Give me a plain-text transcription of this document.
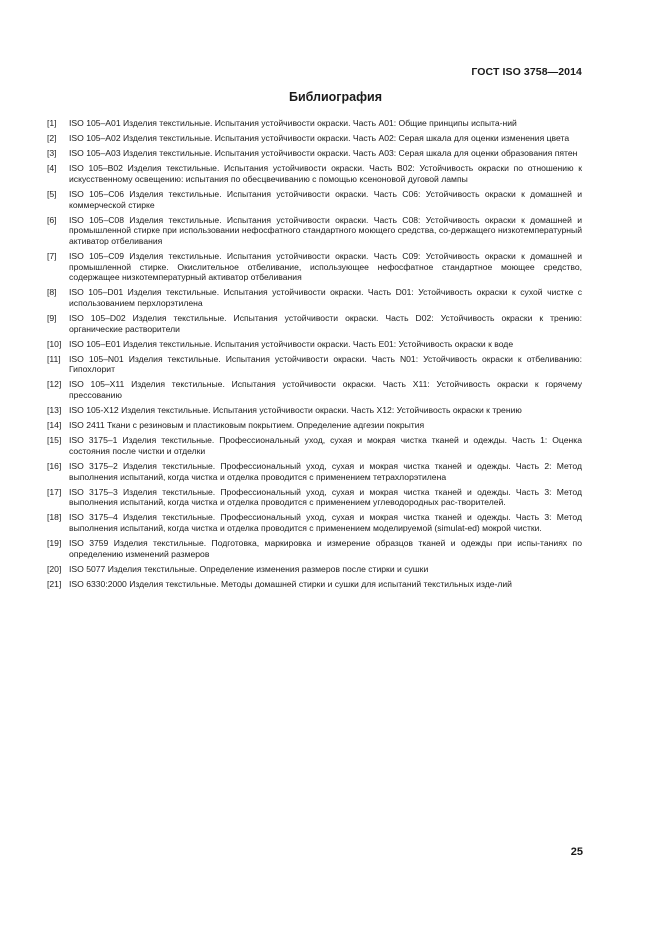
ГОСТ ISO 3758—2014
Библиография
[1]	ISO 105–A01 Изделия текстильные. Испытания устойчивости окраски. Часть A01: Общие принципы испыта-ний
[2]	ISO 105–A02 Изделия текстильные. Испытания устойчивости окраски. Часть A02: Серая шкала для оценки изменения цвета
[3]	ISO 105–A03 Изделия текстильные. Испытания устойчивости окраски. Часть A03: Серая шкала для оценки образования пятен
[4]	ISO 105–B02 Изделия текстильные. Испытания устойчивости окраски. Часть B02: Устойчивость окраски по отношению к искусственному освещению: испытания по обесцвечиванию с помощью ксеноновой дуговой лампы
[5]	ISO 105–C06 Изделия текстильные. Испытания устойчивости окраски. Часть C06: Устойчивость окраски к домашней и коммерческой стирке
[6]	ISO 105–C08 Изделия текстильные. Испытания устойчивости окраски. Часть C08: Устойчивость окраски к домашней и промышленной стирке при использовании нефосфатного стандартного моющего средства, со-держащего низкотемпературный активатор отбеливания
[7]	ISO 105–C09 Изделия текстильные. Испытания устойчивости окраски. Часть C09: Устойчивость окраски к домашней и промышленной стирке. Окислительное отбеливание, использующее нефосфатное стандартное моющее средство, содержащее низкотемпературный активатор отбеливания
[8]	ISO 105–D01 Изделия текстильные. Испытания устойчивости окраски. Часть D01: Устойчивость окраски к сухой чистке с использованием перхлорэтилена
[9]	ISO 105–D02 Изделия текстильные. Испытания устойчивости окраски. Часть D02: Устойчивость окраски к трению: органические растворители
[10] ISO 105–E01 Изделия текстильные. Испытания устойчивости окраски. Часть E01: Устойчивость окраски к воде
[11] ISO 105–N01 Изделия текстильные. Испытания устойчивости окраски. Часть N01: Устойчивость окраски к отбеливанию: Гипохлорит
[12] ISO 105–X11 Изделия текстильные. Испытания устойчивости окраски. Часть X11: Устойчивость окраски к горячему прессованию
[13] ISO 105-X12 Изделия текстильные. Испытания устойчивости окраски. Часть X12: Устойчивость окраски к трению
[14] ISO 2411 Ткани с резиновым и пластиковым покрытием. Определение адгезии покрытия
[15] ISO 3175–1 Изделия текстильные. Профессиональный уход, сухая и мокрая чистка тканей и одежды. Часть 1: Оценка состояния после чистки и отделки
[16] ISO 3175–2 Изделия текстильные. Профессиональный уход, сухая и мокрая чистка тканей и одежды. Часть 2: Метод выполнения испытаний, когда чистка и отделка проводится с применением тетрахлорэтилена
[17] ISO 3175–3 Изделия текстильные. Профессиональный уход, сухая и мокрая чистка тканей и одежды. Часть 3: Метод выполнения испытаний, когда чистка и отделка проводится с применением углеводородных рас-творителей.
[18] ISO 3175–4 Изделия текстильные. Профессиональный уход, сухая и мокрая чистка тканей и одежды. Часть 3: Метод выполнения испытаний, когда чистка и отделка проводится с применением моделируемой (simulat-ed) мокрой чистки.
[19] ISO 3759 Изделия текстильные. Подготовка, маркировка и измерение образцов тканей и одежды при испы-таниях по определению изменений размеров
[20] ISO 5077 Изделия текстильные. Определение изменения размеров после стирки и сушки
[21] ISO 6330:2000 Изделия текстильные. Методы домашней стирки и сушки для испытаний текстильных изде-лий
25
